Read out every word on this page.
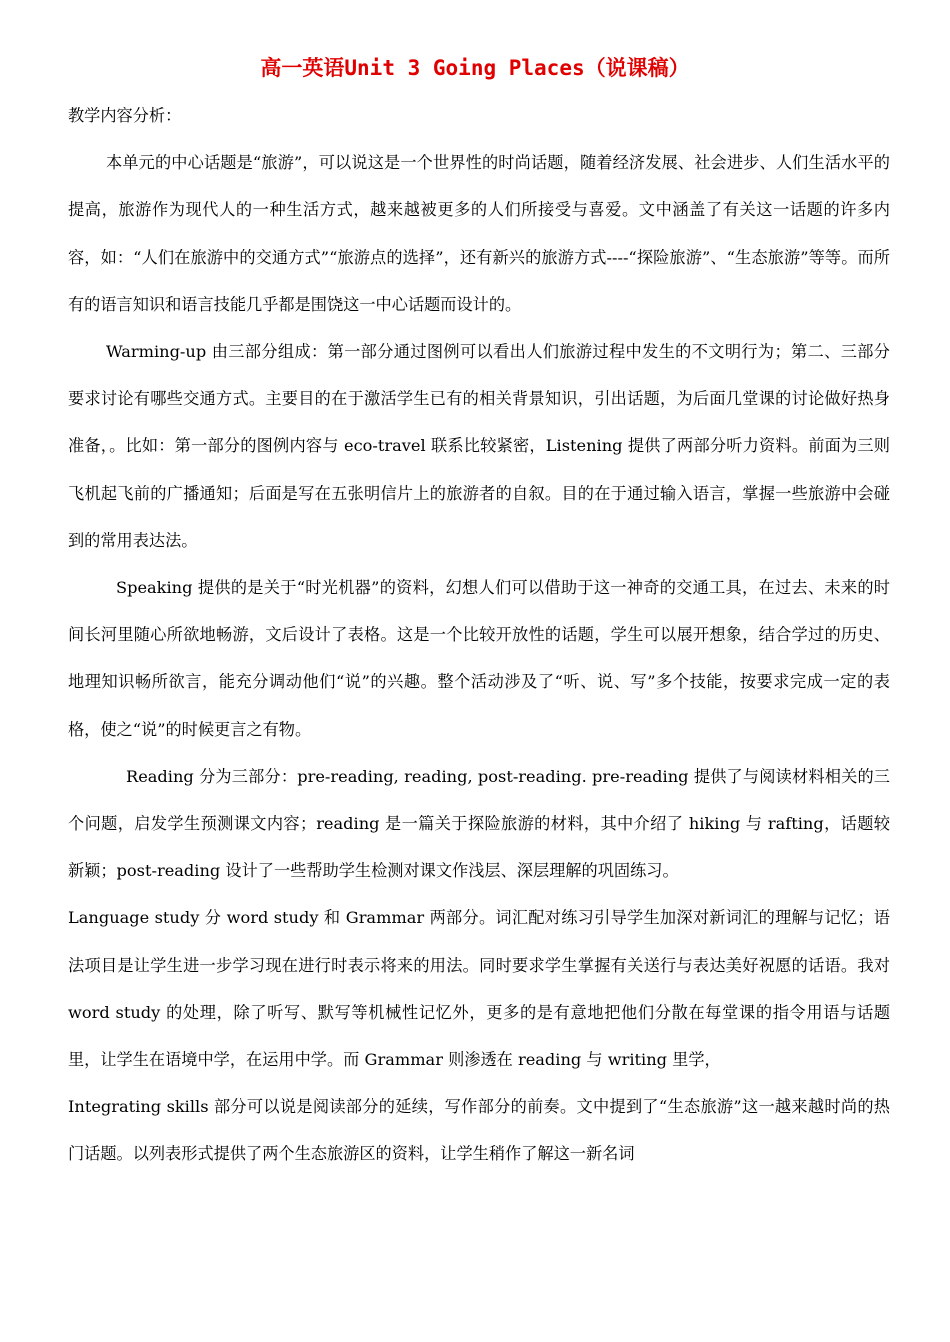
高一英语Unit 3 Going Places（说课稿）

教学内容分析：

本单元的中心话题是“旅游”，可以说这是一个世界性的时尚话题，随着经济发展、社会进步、人们生活水平的提高，旅游作为现代人的一种生活方式，越来越被更多的人们所接受与喜爱。文中涵盖了有关这一话题的许多内容，如：“人们在旅游中的交通方式”“旅游点的选择”，还有新兴的旅游方式----“探险旅游”、“生态旅游”等等。而所有的语言知识和语言技能几乎都是围饶这一中心话题而设计的。

Warming-up 由三部分组成：第一部分通过图例可以看出人们旅游过程中发生的不文明行为；第二、三部分要求讨论有哪些交通方式。主要目的在于激活学生已有的相关背景知识，引出话题，为后面几堂课的讨论做好热身准备，。比如：第一部分的图例内容与 eco-travel 联系比较紧密，Listening 提供了两部分听力资料。前面为三则飞机起飞前的广播通知；后面是写在五张明信片上的旅游者的自叙。目的在于通过输入语言，掌握一些旅游中会碰到的常用表达法。

Speaking 提供的是关于“时光机器”的资料，幻想人们可以借助于这一神奇的交通工具，在过去、未来的时间长河里随心所欲地畅游，文后设计了表格。这是一个比较开放性的话题，学生可以展开想象，结合学过的历史、地理知识畅所欲言，能充分调动他们“说”的兴趣。整个活动涉及了“听、说、写”多个技能，按要求完成一定的表格，使之“说”的时候更言之有物。

Reading 分为三部分：pre-reading, reading, post-reading. pre-reading 提供了与阅读材料相关的三个问题，启发学生预测课文内容；reading 是一篇关于探险旅游的材料，其中介绍了 hiking 与 rafting，话题较新颖；post-reading 设计了一些帮助学生检测对课文作浅层、深层理解的巩固练习。

Language study 分 word study 和 Grammar 两部分。词汇配对练习引导学生加深对新词汇的理解与记忆；语法项目是让学生进一步学习现在进行时表示将来的用法。同时要求学生掌握有关送行与表达美好祝愿的话语。我对 word study 的处理，除了听写、默写等机械性记忆外，更多的是有意地把他们分散在每堂课的指令用语与话题里，让学生在语境中学，在运用中学。而 Grammar 则渗透在 reading 与 writing 里学，

Integrating skills 部分可以说是阅读部分的延续，写作部分的前奏。文中提到了“生态旅游”这一越来越时尚的热门话题。以列表形式提供了两个生态旅游区的资料，让学生稍作了解这一新名词
